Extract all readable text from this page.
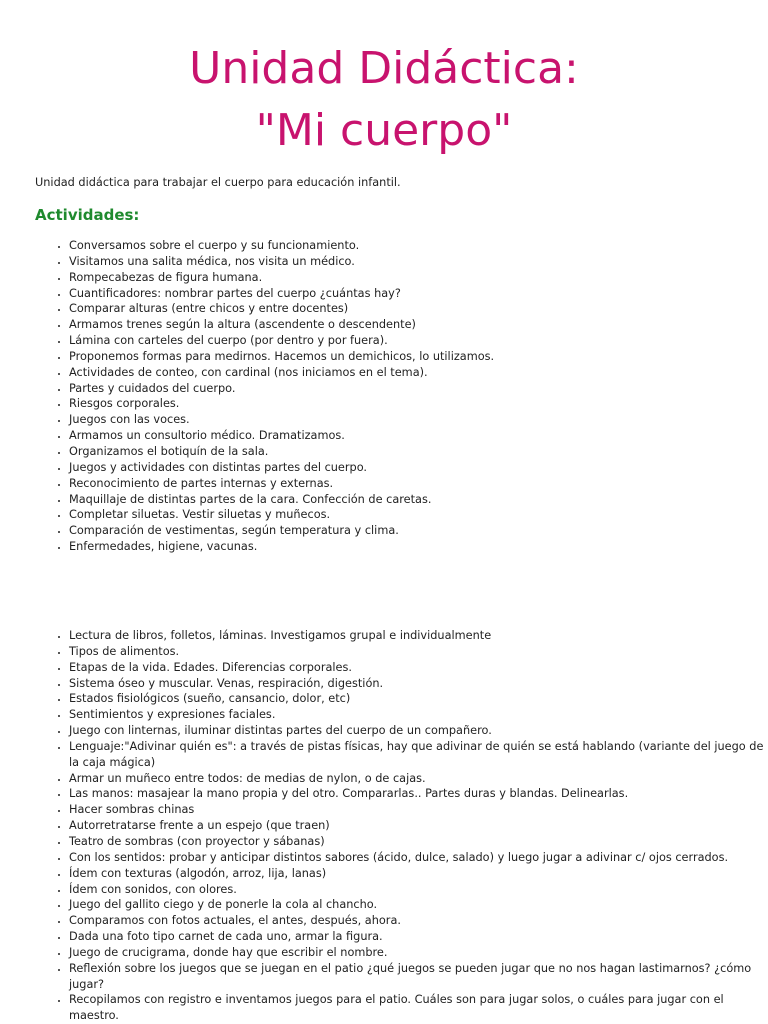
Unidad Didáctica:
"Mi cuerpo"

Unidad didáctica para trabajar el cuerpo para educación infantil.

Actividades:
• Conversamos sobre el cuerpo y su funcionamiento.
• Visitamos una salita médica, nos visita un médico.
• Rompecabezas de figura humana.
• Cuantificadores: nombrar partes del cuerpo ¿cuántas hay?
• Comparar alturas (entre chicos y entre docentes)
• Armamos trenes según la altura (ascendente o descendente)
• Lámina con carteles del cuerpo (por dentro y por fuera).
• Proponemos formas para medirnos. Hacemos un demichicos, lo utilizamos.
• Actividades de conteo, con cardinal (nos iniciamos en el tema).
• Partes y cuidados del cuerpo.
• Riesgos corporales.
• Juegos con las voces.
• Armamos un consultorio médico. Dramatizamos.
• Organizamos el botiquín de la sala.
• Juegos y actividades con distintas partes del cuerpo.
• Reconocimiento de partes internas y externas.
• Maquillaje de distintas partes de la cara. Confección de caretas.
• Completar siluetas. Vestir siluetas y muñecos.
• Comparación de vestimentas, según temperatura y clima.
• Enfermedades, higiene, vacunas.
• Lectura de libros, folletos, láminas. Investigamos grupal e individualmente
• Tipos de alimentos.
• Etapas de la vida. Edades. Diferencias corporales.
• Sistema óseo y muscular. Venas, respiración, digestión.
• Estados fisiológicos (sueño, cansancio, dolor, etc)
• Sentimientos y expresiones faciales.
• Juego con linternas, iluminar distintas partes del cuerpo de un compañero.
• Lenguaje:"Adivinar quién es": a través de pistas físicas, hay que adivinar de quién se está hablando (variante del juego de la caja mágica)
• Armar un muñeco entre todos: de medias de nylon, o de cajas.
• Las manos: masajear la mano propia y del otro. Compararlas.. Partes duras y blandas. Delinearlas.
• Hacer sombras chinas
• Autorretratarse frente a un espejo (que traen)
• Teatro de sombras (con proyector y sábanas)
• Con los sentidos: probar y anticipar distintos sabores (ácido, dulce, salado) y luego jugar a adivinar c/ ojos cerrados.
• Ídem con texturas (algodón, arroz, lija, lanas)
• Ídem con sonidos, con olores.
• Juego del gallito ciego y de ponerle la cola al chancho.
• Comparamos con fotos actuales, el antes, después, ahora.
• Dada una foto tipo carnet de cada uno, armar la figura.
• Juego de crucigrama, donde hay que escribir el nombre.
• Reflexión sobre los juegos que se juegan en el patio ¿qué juegos se pueden jugar que no nos hagan lastimarnos? ¿cómo jugar?
• Recopilamos con registro e inventamos juegos para el patio. Cuáles son para jugar solos, o cuáles para jugar con el maestro.
